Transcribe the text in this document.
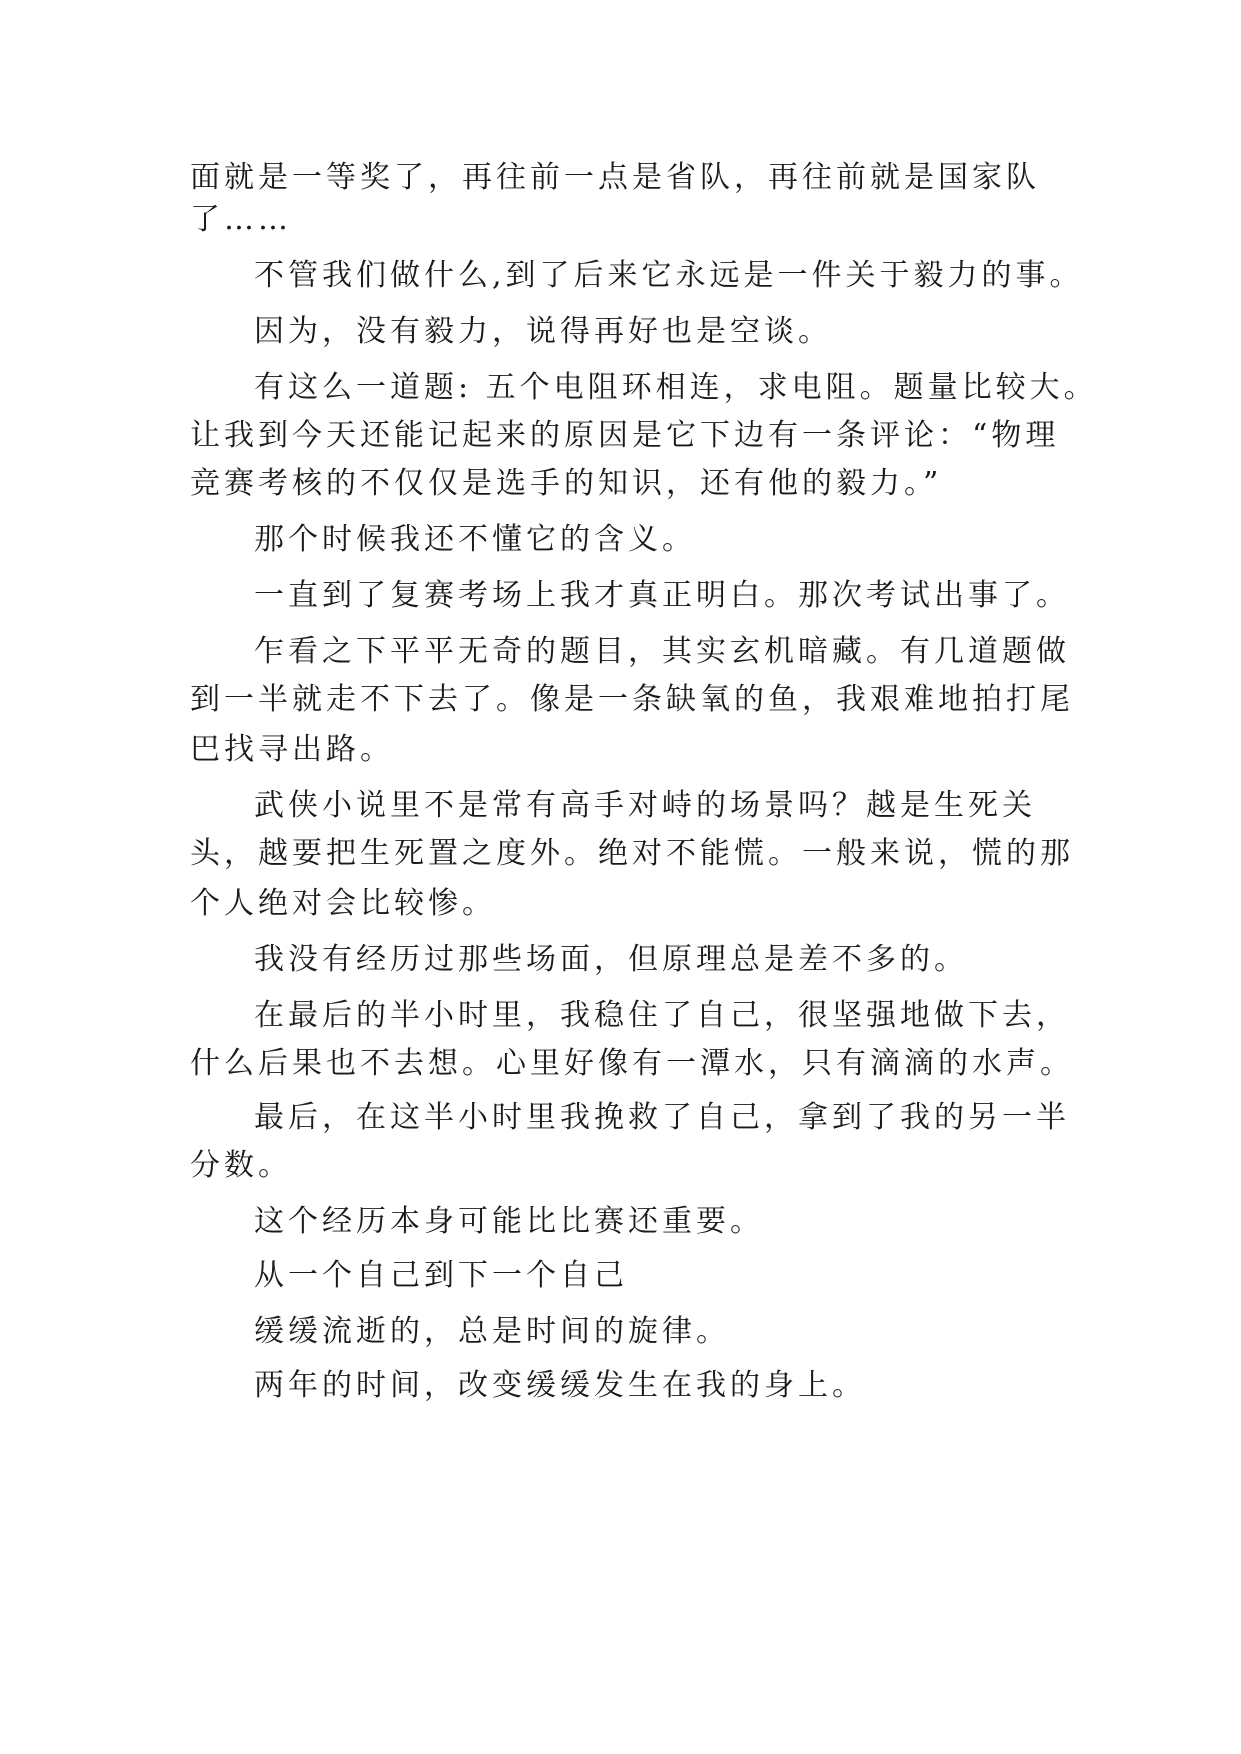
面就是一等奖了，再往前一点是省队，再往前就是国家队
了……
不管我们做什么,到了后来它永远是一件关于毅力的事。
因为，没有毅力，说得再好也是空谈。
有这么一道题: 五个电阻环相连，求电阻。题量比较大。
让我到今天还能记起来的原因是它下边有一条评论：“物理
竞赛考核的不仅仅是选手的知识，还有他的毅力。”
那个时候我还不懂它的含义。
一直到了复赛考场上我才真正明白。那次考试出事了。
乍看之下平平无奇的题目，其实玄机暗藏。有几道题做
到一半就走不下去了。像是一条缺氧的鱼，我艰难地拍打尾
巴找寻出路。
武侠小说里不是常有高手对峙的场景吗？越是生死关
头，越要把生死置之度外。绝对不能慌。一般来说，慌的那
个人绝对会比较惨。
我没有经历过那些场面，但原理总是差不多的。
在最后的半小时里，我稳住了自己，很坚强地做下去，
什么后果也不去想。心里好像有一潭水，只有滴滴的水声。
最后，在这半小时里我挽救了自己，拿到了我的另一半
分数。
这个经历本身可能比比赛还重要。
从一个自己到下一个自己
缓缓流逝的，总是时间的旋律。
两年的时间，改变缓缓发生在我的身上。
